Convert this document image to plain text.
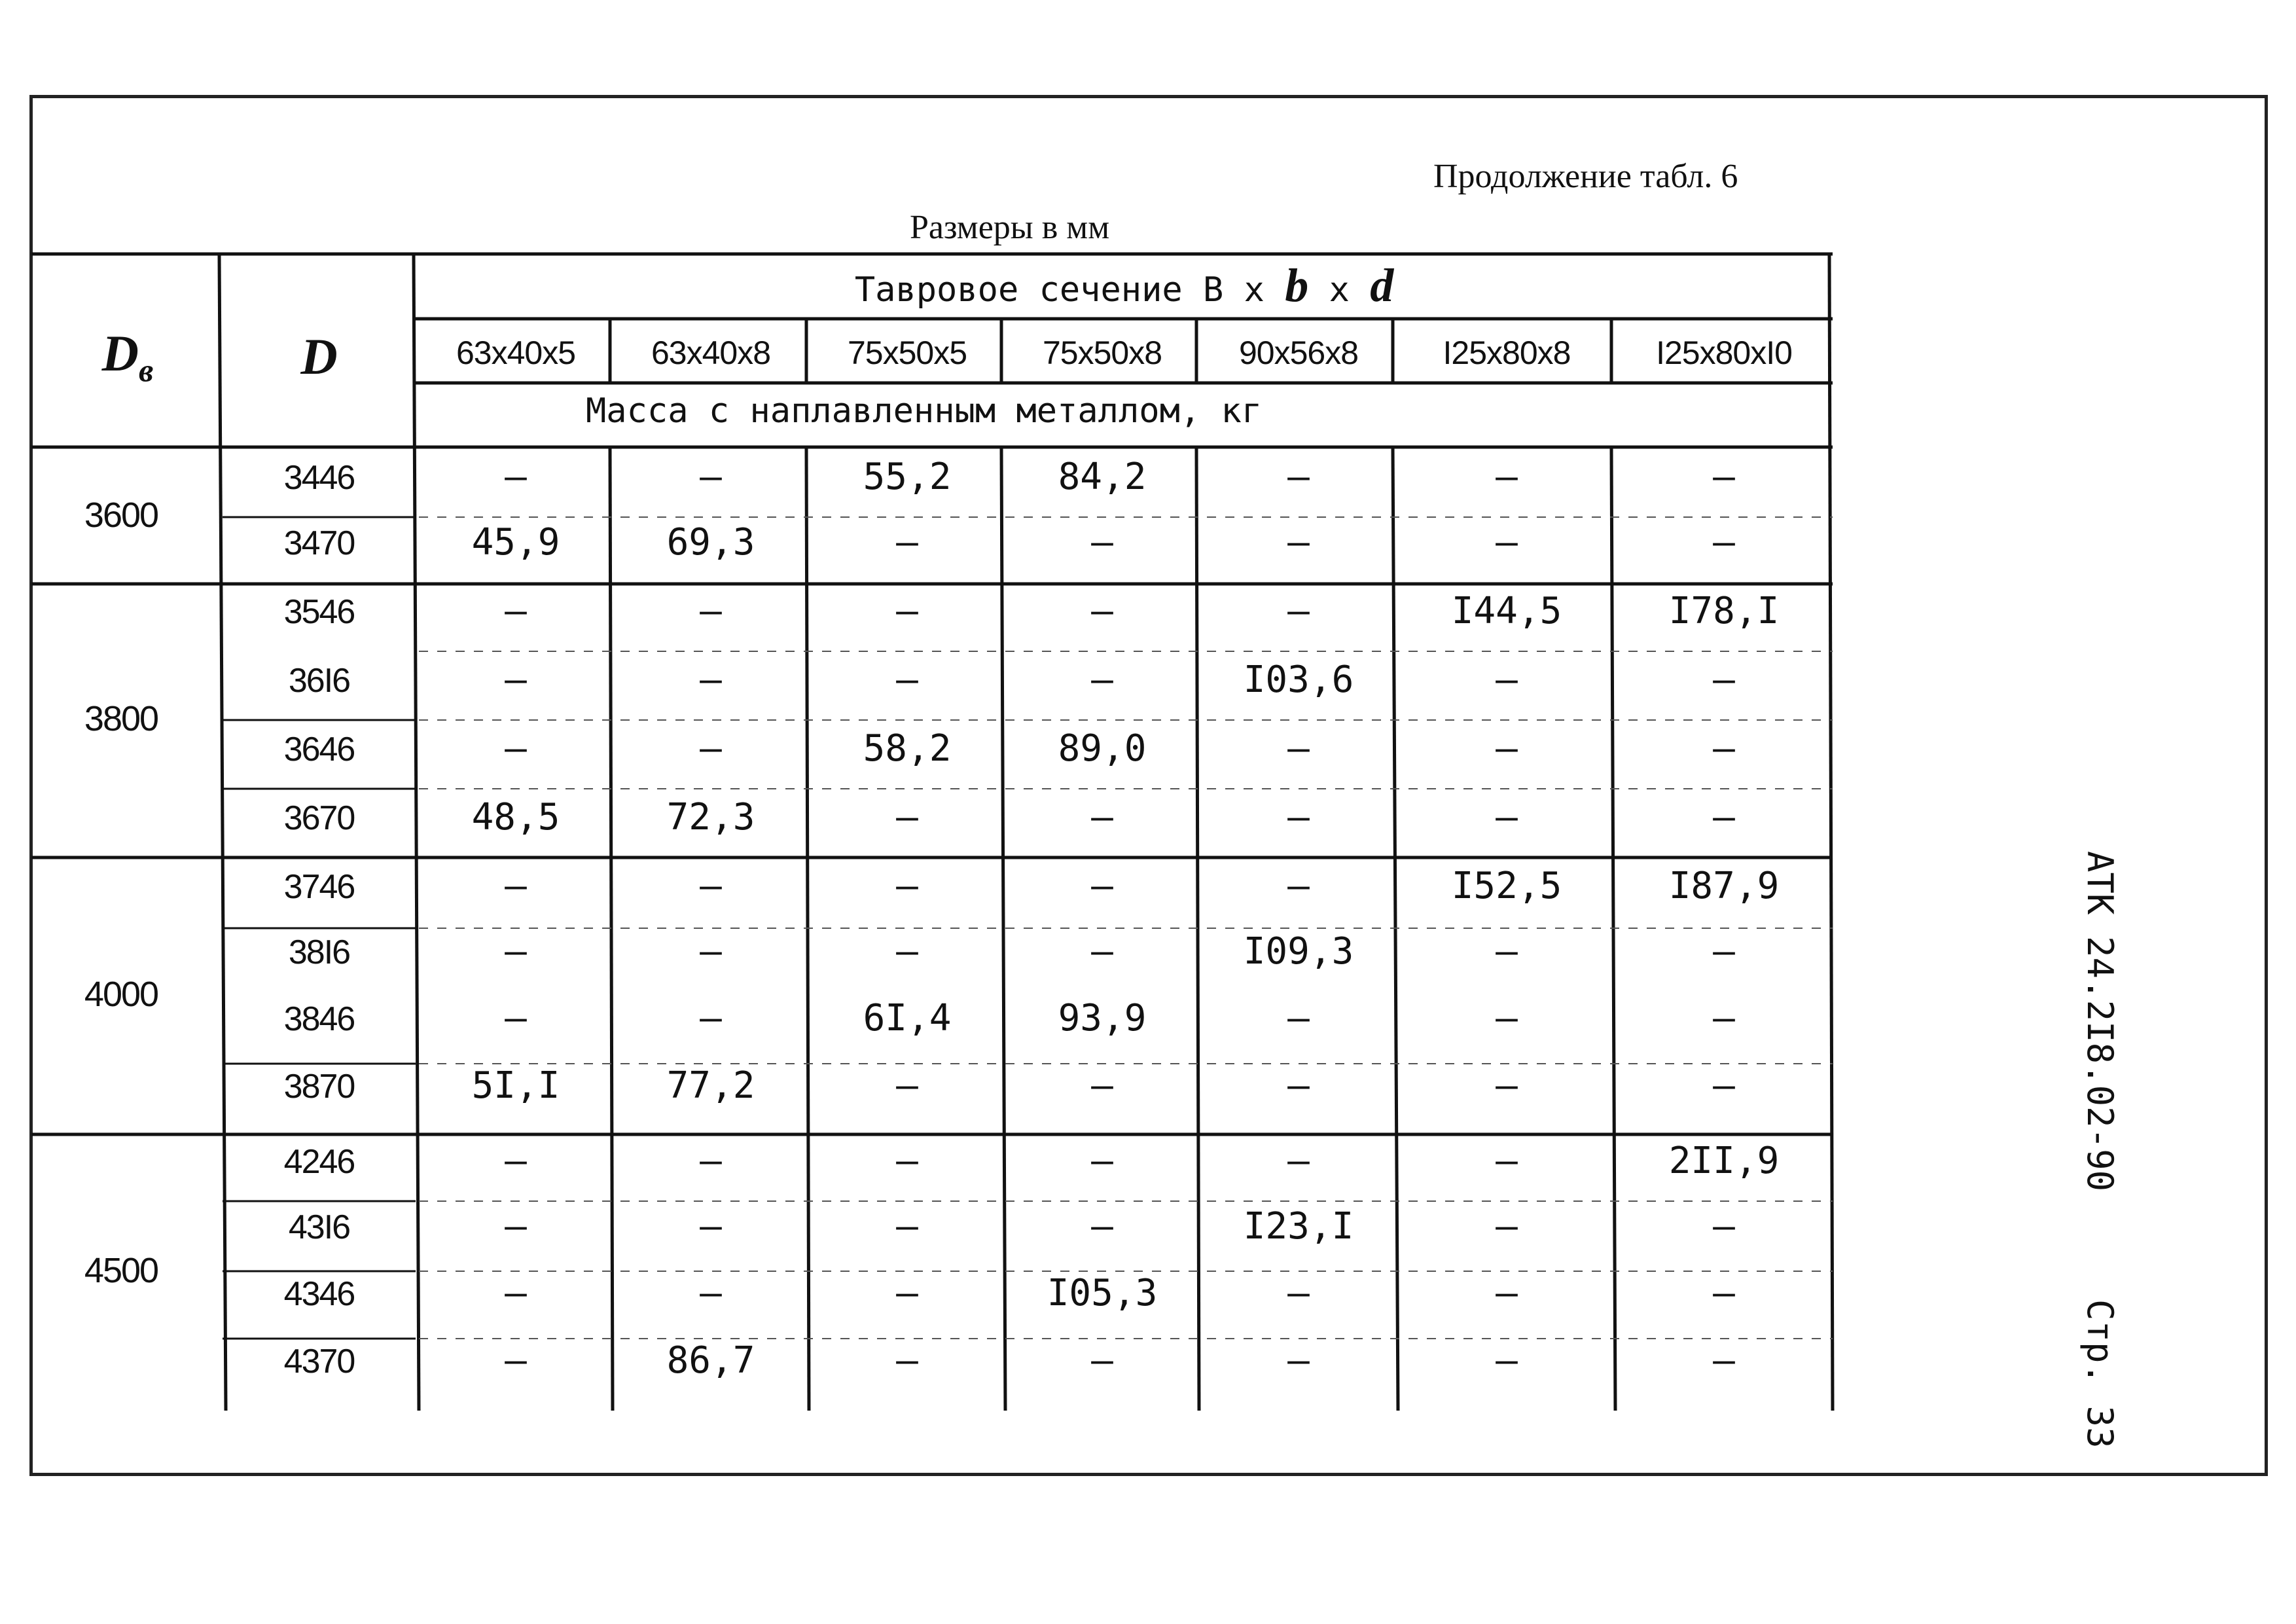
Продолжение табл. 6
Размеры в мм
$D_в$	D
Тавровое сечение B x b x d
63x40x5	63x40x8	75x50x5	75x50x8	90x56x8	I25x80x8	I25x80xI0
Масса с наплавленным металлом, кг
3600
3446	–	–	55,2	84,2	–	–	–
3470	45,9	69,3	–	–	–	–	–
3800
3546	–	–	–	–	–	I44,5	I78,I
36I6	–	–	–	–	I03,6	–	–
3646	–	–	58,2	89,0	–	–	–
3670	48,5	72,3	–	–	–	–	–
4000
3746	–	–	–	–	–	I52,5	I87,9
38I6	–	–	–	–	I09,3	–	–
3846	–	–	6I,4	93,9	–	–	–
3870	5I,I	77,2	–	–	–	–	–
4500
4246	–	–	–	–	–	–	2II,9
43I6	–	–	–	–	I23,I	–	–
4346	–	–	–	I05,3	–	–	–
4370	–	86,7	–	–	–	–	–
АТК 24.2I8.02-90
Стр. 33
